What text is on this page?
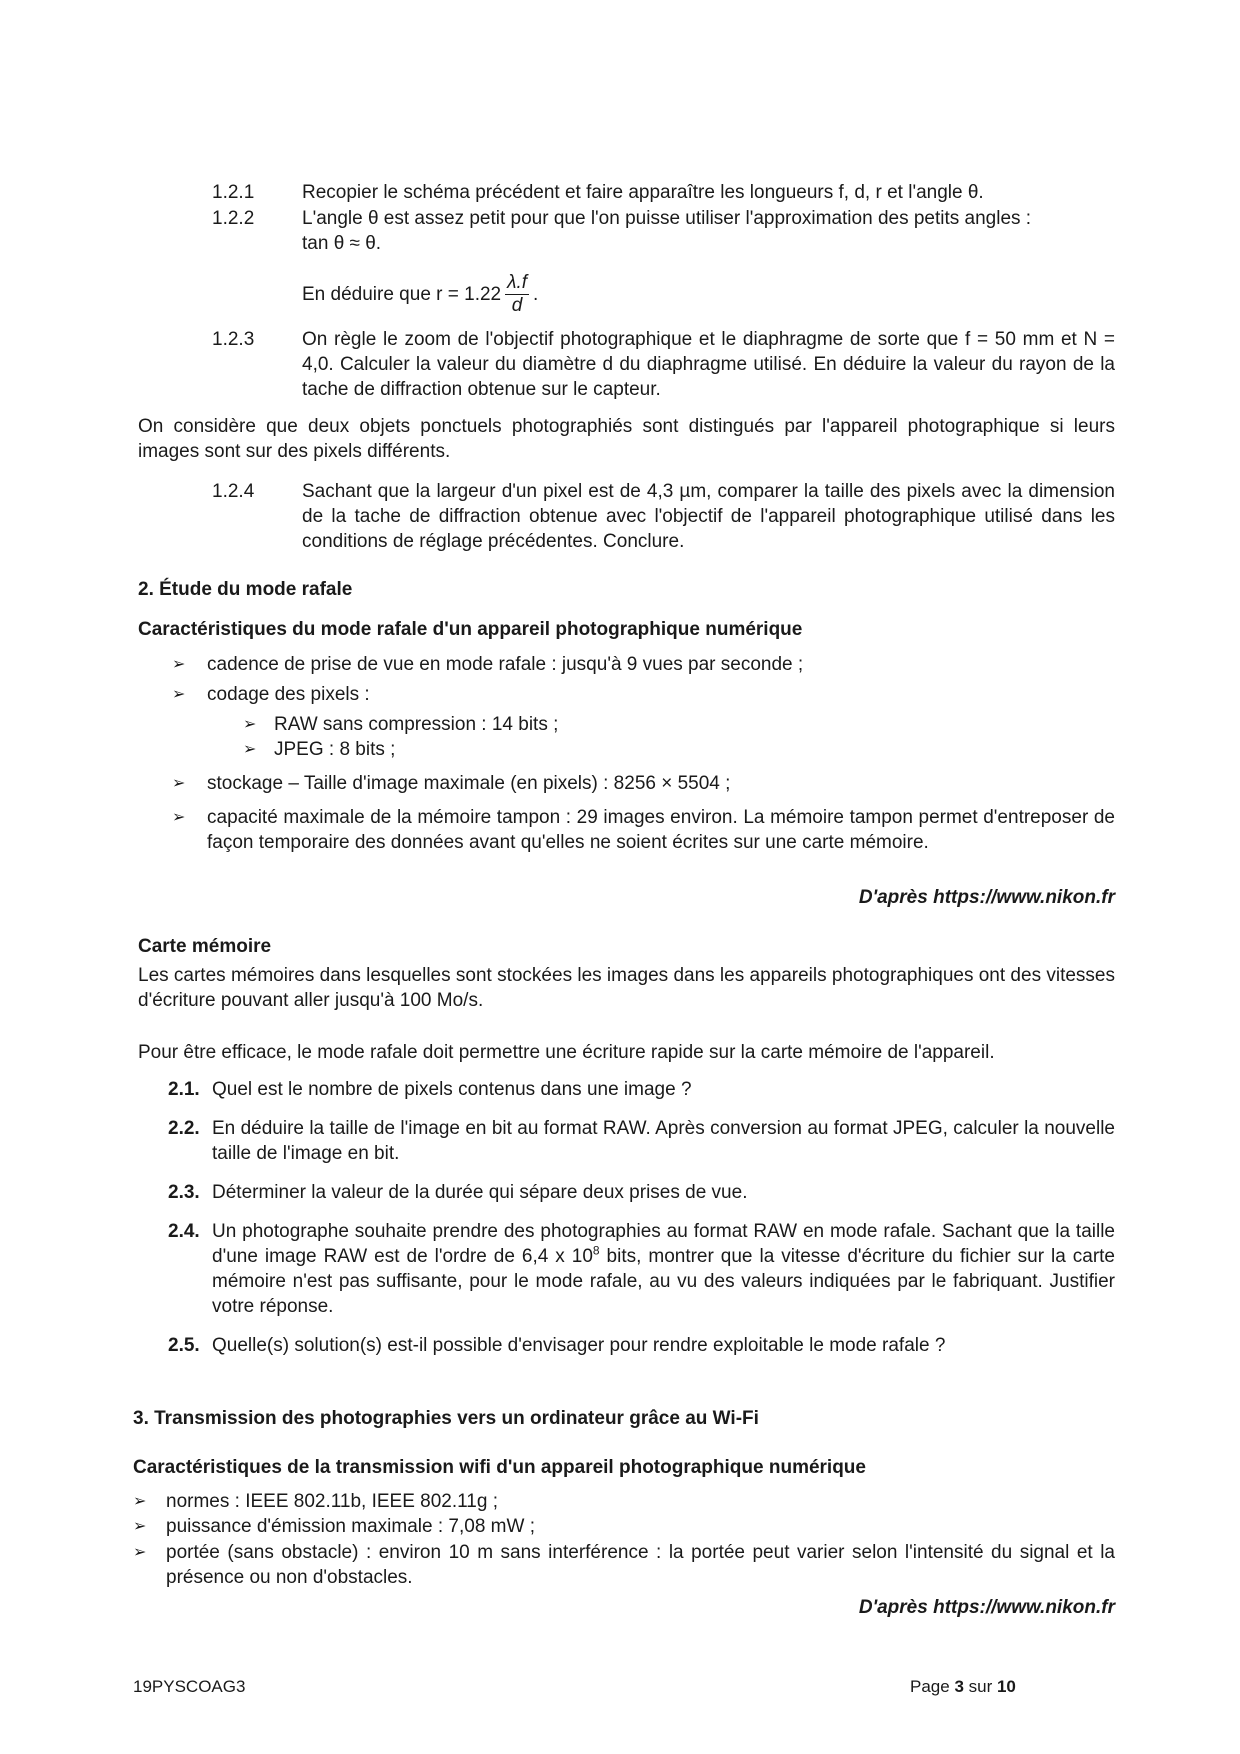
1.2.1	Recopier le schéma précédent et faire apparaître les longueurs f, d, r et l'angle θ.
1.2.2	L'angle θ est assez petit pour que l'on puisse utiliser l'approximation des petits angles :
tan θ ≈ θ.
En déduire que $r = 1.22 \frac{\lambda.f}{d}$ .
1.2.3	On règle le zoom de l'objectif photographique et le diaphragme de sorte que f = 50 mm et N = 4,0. Calculer la valeur du diamètre d du diaphragme utilisé. En déduire la valeur du rayon de la tache de diffraction obtenue sur le capteur.
On considère que deux objets ponctuels photographiés sont distingués par l'appareil photographique si leurs images sont sur des pixels différents.
1.2.4	Sachant que la largeur d'un pixel est de 4,3 µm, comparer la taille des pixels avec la dimension de la tache de diffraction obtenue avec l'objectif de l'appareil photographique utilisé dans les conditions de réglage précédentes. Conclure.
2. Étude du mode rafale
Caractéristiques du mode rafale d'un appareil photographique numérique
➢ cadence de prise de vue en mode rafale : jusqu'à 9 vues par seconde ;
➢ codage des pixels :
➢ RAW sans compression : 14 bits ;
➢ JPEG : 8 bits ;
➢ stockage – Taille d'image maximale (en pixels) : 8256 × 5504 ;
➢ capacité maximale de la mémoire tampon : 29 images environ. La mémoire tampon permet d'entreposer de façon temporaire des données avant qu'elles ne soient écrites sur une carte mémoire.
D'après https://www.nikon.fr
Carte mémoire
Les cartes mémoires dans lesquelles sont stockées les images dans les appareils photographiques ont des vitesses d'écriture pouvant aller jusqu'à 100 Mo/s.
Pour être efficace, le mode rafale doit permettre une écriture rapide sur la carte mémoire de l'appareil.
2.1. Quel est le nombre de pixels contenus dans une image ?
2.2. En déduire la taille de l'image en bit au format RAW. Après conversion au format JPEG, calculer la nouvelle taille de l'image en bit.
2.3. Déterminer la valeur de la durée qui sépare deux prises de vue.
2.4. Un photographe souhaite prendre des photographies au format RAW en mode rafale. Sachant que la taille d'une image RAW est de l'ordre de 6,4 x $10^8$ bits, montrer que la vitesse d'écriture du fichier sur la carte mémoire n'est pas suffisante, pour le mode rafale, au vu des valeurs indiquées par le fabriquant. Justifier votre réponse.
2.5. Quelle(s) solution(s) est-il possible d'envisager pour rendre exploitable le mode rafale ?
3. Transmission des photographies vers un ordinateur grâce au Wi-Fi
Caractéristiques de la transmission wifi d'un appareil photographique numérique
➢ normes : IEEE 802.11b, IEEE 802.11g ;
➢ puissance d'émission maximale : 7,08 mW ;
➢ portée (sans obstacle) : environ 10 m sans interférence : la portée peut varier selon l'intensité du signal et la présence ou non d'obstacles.
D'après https://www.nikon.fr
19PYSCOAG3	Page 3 sur 10
